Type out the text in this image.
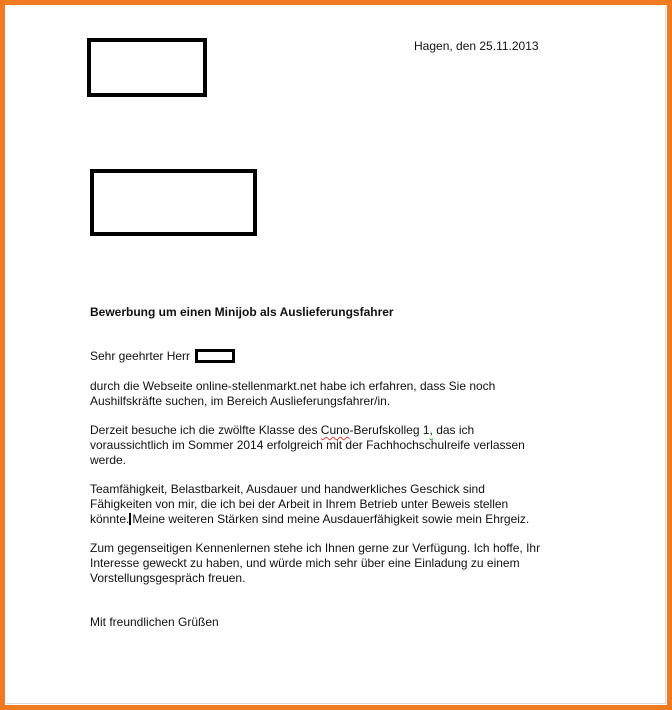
Hagen, den 25.11.2013
Bewerbung um einen Minijob als Auslieferungsfahrer
Sehr geehrter Herr
durch die Webseite online-stellenmarkt.net habe ich erfahren, dass Sie noch
Aushilfskräfte suchen, im Bereich Auslieferungsfahrer/in.
Derzeit besuche ich die zwölfte Klasse des Cuno-Berufskolleg 1, das ich
voraussichtlich im Sommer 2014 erfolgreich mit der Fachhochschulreife verlassen
werde.
Teamfähigkeit, Belastbarkeit, Ausdauer und handwerkliches Geschick sind
Fähigkeiten von mir, die ich bei der Arbeit in Ihrem Betrieb unter Beweis stellen
könnte. Meine weiteren Stärken sind meine Ausdauerfähigkeit sowie mein Ehrgeiz.
Zum gegenseitigen Kennenlernen stehe ich Ihnen gerne zur Verfügung. Ich hoffe, Ihr
Interesse geweckt zu haben, und würde mich sehr über eine Einladung zu einem
Vorstellungsgespräch freuen.
Mit freundlichen Grüßen
